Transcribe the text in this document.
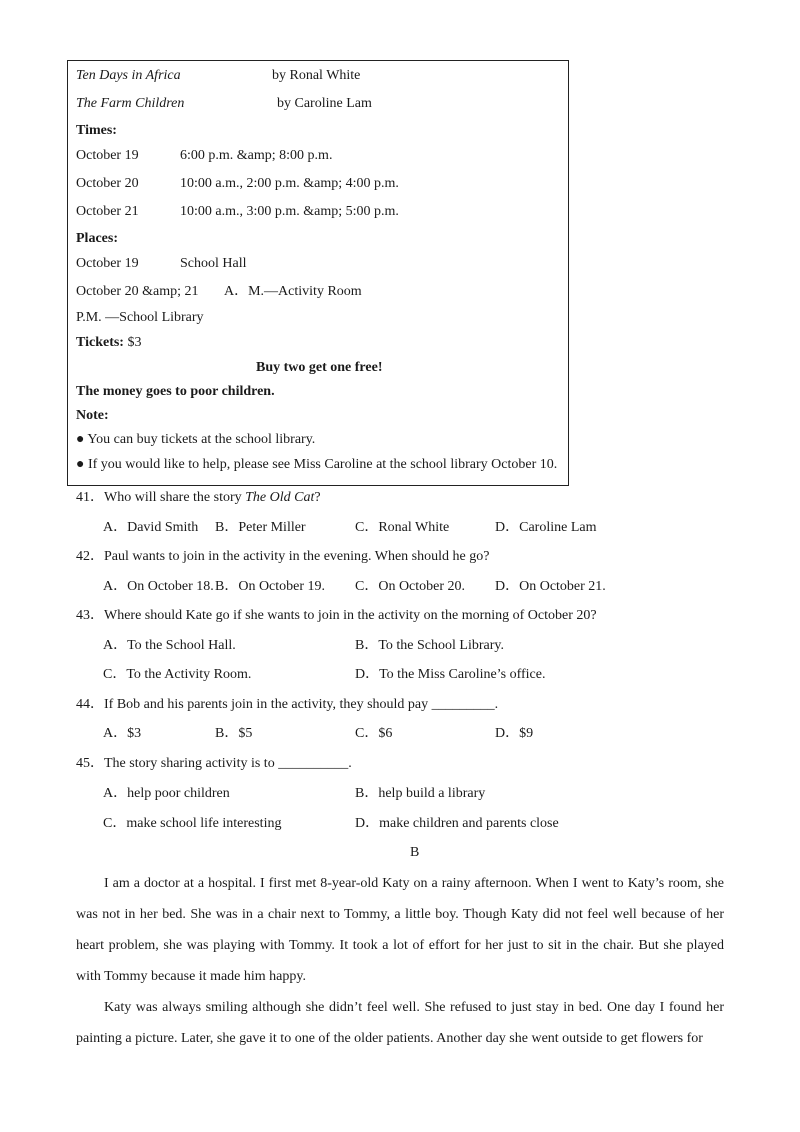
Ten Days in Africa	by Ronal White
The Farm Children	by Caroline Lam
Times:
October 19	6:00 p.m. &amp; 8:00 p.m.
October 20	10:00 a.m., 2:00 p.m. &amp; 4:00 p.m.
October 21	10:00 a.m., 3:00 p.m. &amp; 5:00 p.m.
Places:
October 19	School Hall
October 20 &amp; 21 A．M.—Activity Room
P.M. —School Library
Tickets: $3
Buy two get one free!
The money goes to poor children.
Note:
● You can buy tickets at the school library.
● If you would like to help, please see Miss Caroline at the school library October 10.
41．Who will share the story The Old Cat?
A．David Smith B．Peter Miller	C．Ronal White	D．Caroline Lam
42．Paul wants to join in the activity in the evening. When should he go?
A．On October 18. B．On October 19. C．On October 20. D．On October 21.
43．Where should Kate go if she wants to join in the activity on the morning of October 20?
A．To the School Hall.	B．To the School Library.
C．To the Activity Room.	D．To the Miss Caroline’s office.
44．If Bob and his parents join in the activity, they should pay _________.
A．$3	B．$5	C．$6	D．$9
45．The story sharing activity is to __________.
A．help poor children	B．help build a library
C．make school life interesting	D．make children and parents close
B
I am a doctor at a hospital. I first met 8-year-old Katy on a rainy afternoon. When I went to Katy’s room, she was not in her bed. She was in a chair next to Tommy, a little boy. Though Katy did not feel well because of her heart problem, she was playing with Tommy. It took a lot of effort for her just to sit in the chair. But she played with Tommy because it made him happy.
Katy was always smiling although she didn’t feel well. She refused to just stay in bed. One day I found her painting a picture. Later, she gave it to one of the older patients. Another day she went outside to get flowers for
